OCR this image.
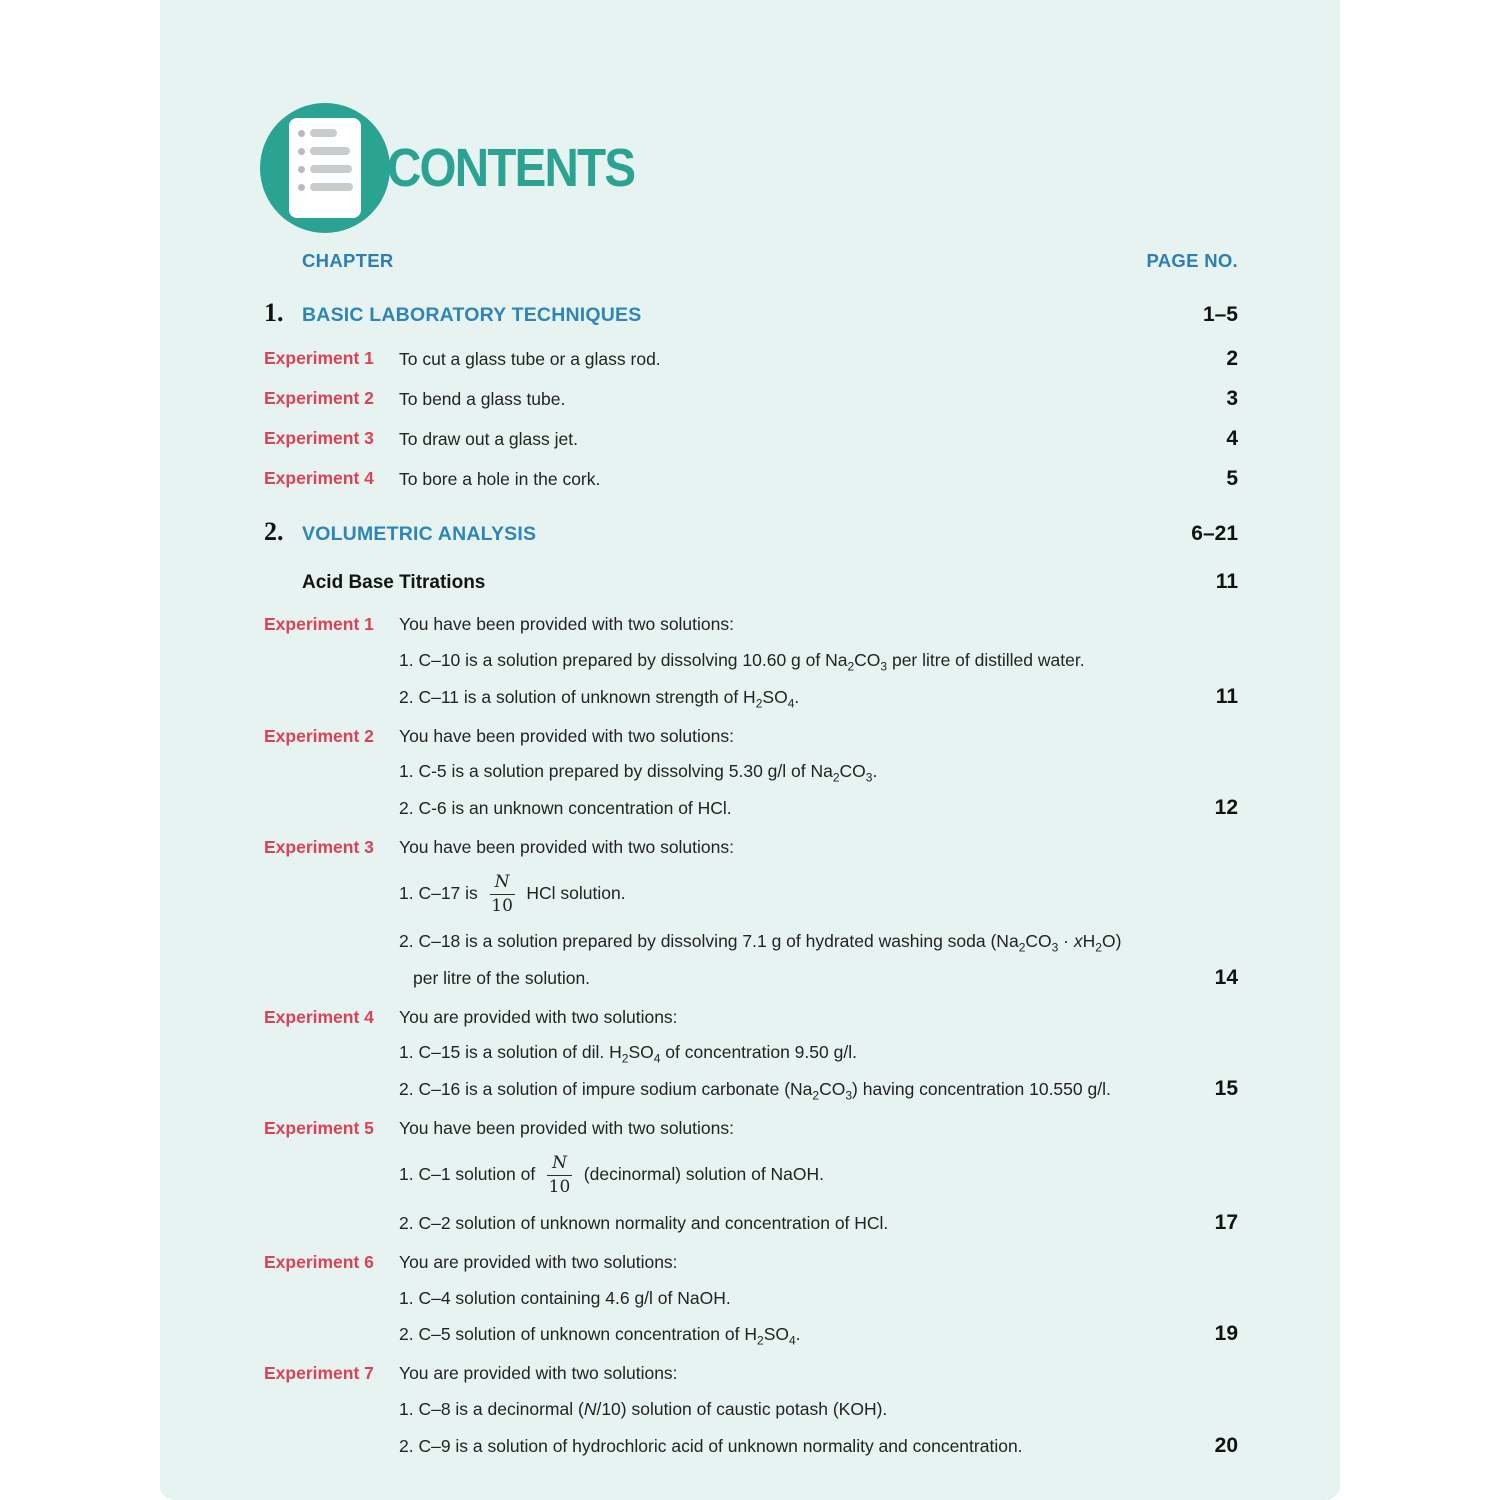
CONTENTS
CHAPTER	PAGE NO.
1. BASIC LABORATORY TECHNIQUES	1–5
Experiment 1	To cut a glass tube or a glass rod.	2
Experiment 2	To bend a glass tube.	3
Experiment 3	To draw out a glass jet.	4
Experiment 4	To bore a hole in the cork.	5
2. VOLUMETRIC ANALYSIS	6–21
Acid Base Titrations	11
Experiment 1	You have been provided with two solutions:
1. C–10 is a solution prepared by dissolving 10.60 g of $Na_2CO_3$ per litre of distilled water.
2. C–11 is a solution of unknown strength of $H_2SO_4$.	11
Experiment 2	You have been provided with two solutions:
1. C-5 is a solution prepared by dissolving 5.30 g/l of $Na_2CO_3$.
2. C-6 is an unknown concentration of HCl.	12
Experiment 3	You have been provided with two solutions:
1. C–17 is $\frac{N}{10}$ HCl solution.
2. C–18 is a solution prepared by dissolving 7.1 g of hydrated washing soda $(Na_2CO_3 \cdot xH_2O)$
per litre of the solution.	14
Experiment 4	You are provided with two solutions:
1. C–15 is a solution of dil. $H_2SO_4$ of concentration 9.50 g/l.
2. C–16 is a solution of impure sodium carbonate $(Na_2CO_3)$ having concentration 10.550 g/l.	15
Experiment 5	You have been provided with two solutions:
1. C–1 solution of $\frac{N}{10}$ (decinormal) solution of NaOH.
2. C–2 solution of unknown normality and concentration of HCl.	17
Experiment 6	You are provided with two solutions:
1. C–4 solution containing 4.6 g/l of NaOH.
2. C–5 solution of unknown concentration of $H_2SO_4$.	19
Experiment 7	You are provided with two solutions:
1. C–8 is a decinormal (N/10) solution of caustic potash (KOH).
2. C–9 is a solution of hydrochloric acid of unknown normality and concentration.	20
